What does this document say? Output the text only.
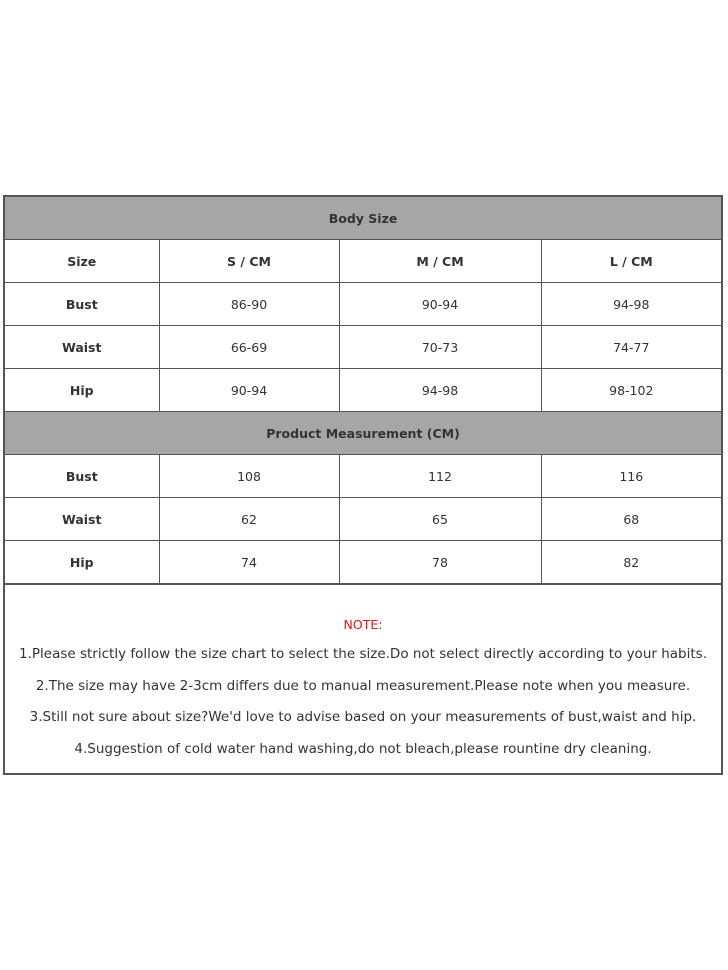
Body Size			
Size	S / CM	M / CM	L / CM
Bust	86-90	90-94	94-98
Waist	66-69	70-73	74-77
Hip	90-94	94-98	98-102
Product Measurement (CM)			
Bust	108	112	116
Waist	62	65	68
Hip	74	78	82
NOTE:
1.Please strictly follow the size chart to select the size.Do not select directly according to your habits.
2.The size may have 2-3cm differs due to manual measurement.Please note when you measure.
3.Still not sure about size?We'd love to advise based on your measurements of bust,waist and hip.
4.Suggestion of cold water hand washing,do not bleach,please rountine dry cleaning.
